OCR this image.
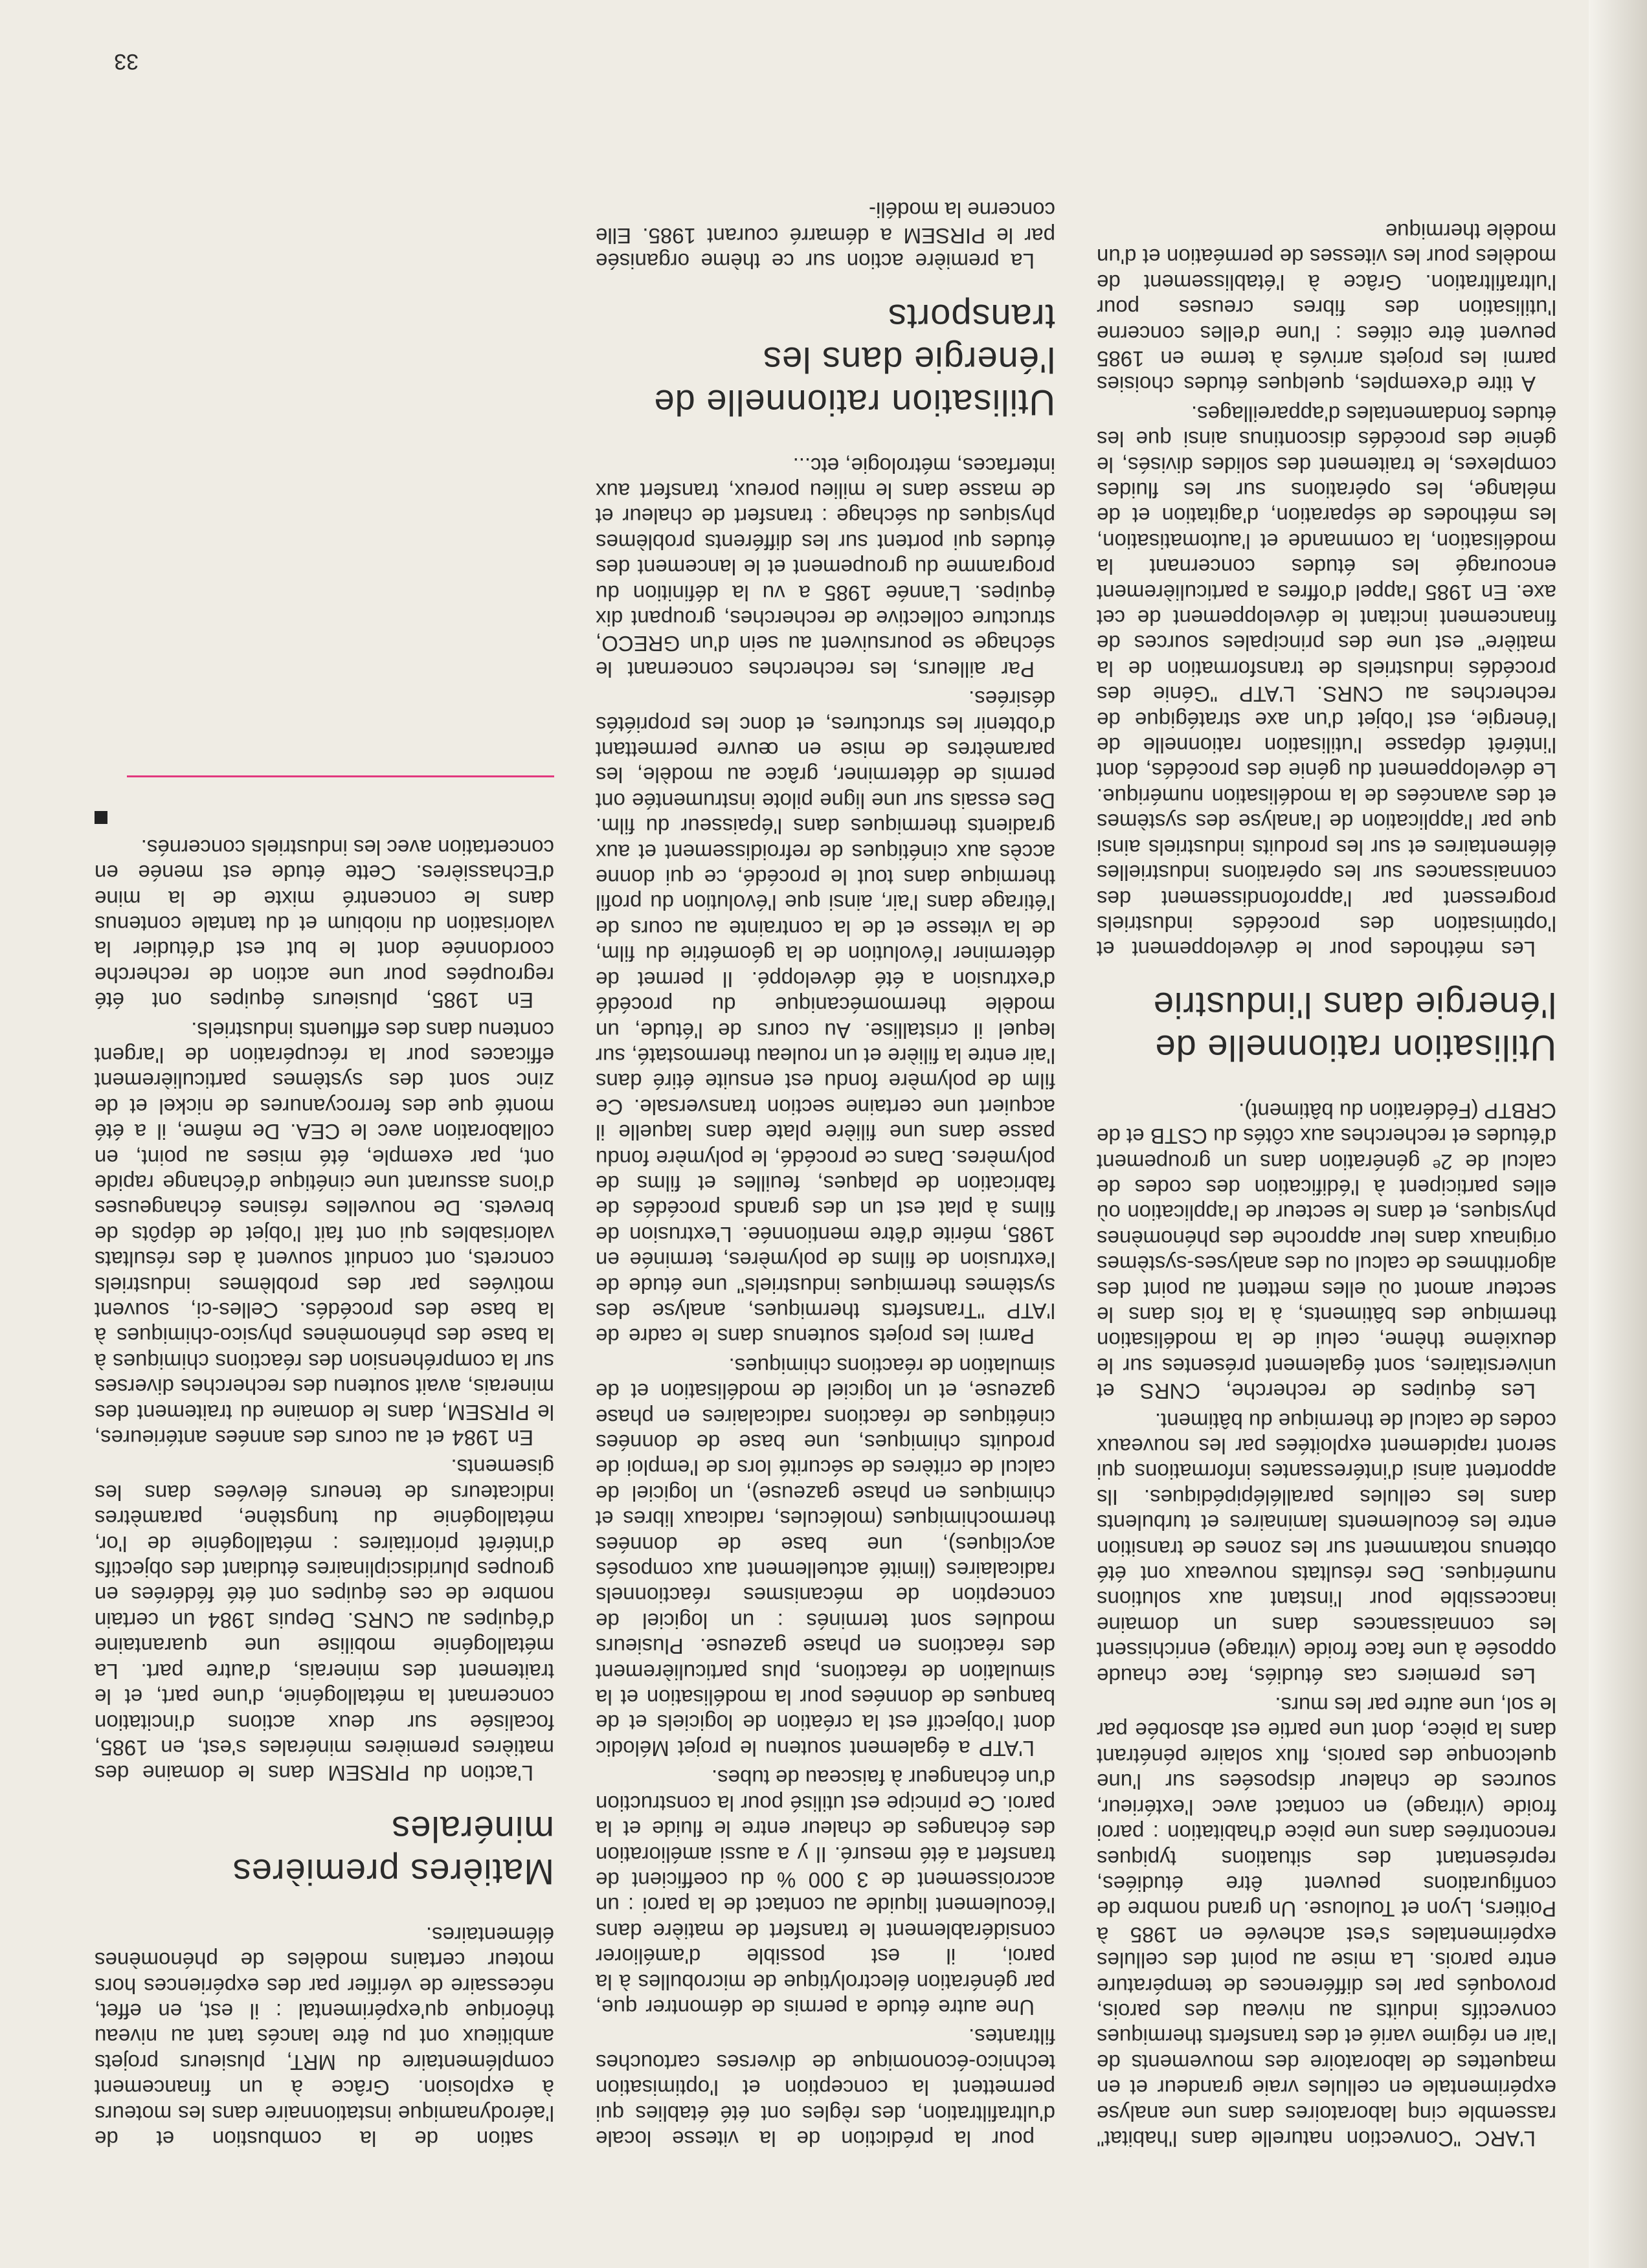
L'ARC "Convection naturelle dans l'habitat" rassemble cinq laboratoires dans une analyse expérimentale en cellules vraie grandeur et en maquettes de laboratoire des mouvements de l'air en régime varié et des transferts thermiques convectifs induits au niveau des parois, provoqués par les différences de température entre parois. La mise au point des cellules expérimentales s'est achevée en 1985 à Poitiers, Lyon et Toulouse. Un grand nombre de configurations peuvent être étudiées, représentant des situations typiques rencontrées dans une pièce d'habitation : paroi froide (vitrage) en contact avec l'extérieur, sources de chaleur disposées sur l'une quelconque des parois, flux solaire pénétrant dans la pièce, dont une partie est absorbée par le sol, une autre par les murs.

Les premiers cas étudiés, face chaude opposée à une face froide (vitrage) enrichissent les connaissances dans un domaine inaccessible pour l'instant aux solutions numériques. Des résultats nouveaux ont été obtenus notamment sur les zones de transition entre les écoulements laminaires et turbulents dans les cellules parallélépipédiques. Ils apportent ainsi d'intéressantes informations qui seront rapidement exploitées par les nouveaux codes de calcul de thermique du bâtiment.

Les équipes de recherche, CNRS et universitaires, sont également présentes sur le deuxième thème, celui de la modélisation thermique des bâtiments, à la fois dans le secteur amont où elles mettent au point des algorithmes de calcul ou des analyses-systèmes originaux dans leur approche des phénomènes physiques, et dans le secteur de l'application où elles participent à l'édification des codes de calcul de 2ᵉ génération dans un groupement d'études et recherches aux côtés du CSTB et de CRBTP (Fédération du bâtiment).

Utilisation rationnelle de l'énergie dans l'industrie

Les méthodes pour le développement et l'optimisation des procédés industriels progressent par l'approfondissement des connaissances sur les opérations industrielles élémentaires et sur les produits industriels ainsi que par l'application de l'analyse des systèmes et des avancées de la modélisation numérique. Le développement du génie des procédés, dont l'intérêt dépasse l'utilisation rationnelle de l'énergie, est l'objet d'un axe stratégique de recherches au CNRS. L'ATP "Génie des procédés industriels de transformation de la matière" est une des principales sources de financement incitant le développement de cet axe. En 1985 l'appel d'offres a particulièrement encouragé les études concernant la modélisation, la commande et l'automatisation, les méthodes de séparation, d'agitation et de mélange, les opérations sur les fluides complexes, le traitement des solides divisés, le génie des procédés discontinus ainsi que les études fondamentales d'appareillages.

A titre d'exemples, quelques études choisies parmi les projets arrivés à terme en 1985 peuvent être citées : l'une d'elles concerne l'utilisation des fibres creuses pour l'ultrafiltration. Grâce à l'établissement de modèles pour les vitesses de perméation et d'un modèle thermique

pour la prédiction de la vitesse locale d'ultrafiltration, des règles ont été établies qui permettent la conception et l'optimisation technico-économique de diverses cartouches filtrantes.

Une autre étude a permis de démontrer que, par génération électrolytique de microbulles à la paroi, il est possible d'améliorer considérablement le transfert de matière dans l'écoulement liquide au contact de la paroi : un accroissement de 3 000 % du coefficient de transfert a été mesuré. Il y a aussi amélioration des échanges de chaleur entre le fluide et la paroi. Ce principe est utilisé pour la construction d'un échangeur à faisceau de tubes.

L'ATP a également soutenu le projet Mélodic dont l'objectif est la création de logiciels et de banques de données pour la modélisation et la simulation de réactions, plus particulièrement des réactions en phase gazeuse. Plusieurs modules sont terminés : un logiciel de conception de mécanismes réactionnels radicalaires (limité actuellement aux composés acycliques), une base de données thermochimiques (molécules, radicaux libres et chimiques en phase gazeuse), un logiciel de calcul de critères de sécurité lors de l'emploi de produits chimiques, une base de données cinétiques de réactions radicalaires en phase gazeuse, et un logiciel de modélisation et de simulation de réactions chimiques.

Parmi les projets soutenus dans le cadre de l'ATP "Transferts thermiques, analyse des systèmes thermiques industriels" une étude de l'extrusion de films de polymères, terminée en 1985, mérite d'être mentionnée. L'extrusion de films à plat est un des grands procédés de fabrication de plaques, feuilles et films de polymères. Dans ce procédé, le polymère fondu passe dans une filière plate dans laquelle il acquiert une certaine section transversale. Ce film de polymère fondu est ensuite étiré dans l'air entre la filière et un rouleau thermostaté, sur lequel il cristallise. Au cours de l'étude, un modèle thermomécanique du procédé d'extrusion a été développé. Il permet de déterminer l'évolution de la géométrie du film, de la vitesse et de la contrainte au cours de l'étirage dans l'air, ainsi que l'évolution du profil thermique dans tout le procédé, ce qui donne accès aux cinétiques de refroidissement et aux gradients thermiques dans l'épaisseur du film. Des essais sur une ligne pilote instrumentée ont permis de déterminer, grâce au modèle, les paramètres de mise en œuvre permettant d'obtenir les structures, et donc les propriétés désirées.

Par ailleurs, les recherches concernant le séchage se poursuivent au sein d'un GRECO, structure collective de recherches, groupant dix équipes. L'année 1985 a vu la définition du programme du groupement et le lancement des études qui portent sur les différents problèmes physiques du séchage : transfert de chaleur et de masse dans le milieu poreux, transfert aux interfaces, métrologie, etc...

Utilisation rationnelle de l'énergie dans les transports

La première action sur ce thème organisée par le PIRSEM a démarré courant 1985. Elle concerne la modéli-

sation de la combustion et de l'aérodynamique instationnaire dans les moteurs à explosion. Grâce à un financement complémentaire du MRT, plusieurs projets ambitieux ont pu être lancés tant au niveau théorique qu'expérimental : il est, en effet, nécessaire de vérifier par des expériences hors moteur certains modèles de phénomènes élémentaires.

Matières premières minérales

L'action du PIRSEM dans le domaine des matières premières minérales s'est, en 1985, focalisée sur deux actions d'incitation concernant la métallogénie, d'une part, et le traitement des minerais, d'autre part. La métallogénie mobilise une quarantaine d'équipes au CNRS. Depuis 1984 un certain nombre de ces équipes ont été fédérées en groupes pluridisciplinaires étudiant des objectifs d'intérêt prioritaires : métallogénie de l'or, métallogénie du tungstène, paramètres indicateurs de teneurs élevées dans les gisements.

En 1984 et au cours des années antérieures, le PIRSEM, dans le domaine du traitement des minerais, avait soutenu des recherches diverses sur la compréhension des réactions chimiques à la base des phénomènes physico-chimiques à la base des procédés. Celles-ci, souvent motivées par des problèmes industriels concrets, ont conduit souvent à des résultats valorisables qui ont fait l'objet de dépôts de brevets. De nouvelles résines échangeuses d'ions assurant une cinétique d'échange rapide ont, par exemple, été mises au point, en collaboration avec le CEA. De même, il a été monté que des ferrocyanures de nickel et de zinc sont des systèmes particulièrement efficaces pour la récupération de l'argent contenu dans des effluents industriels.

En 1985, plusieurs équipes ont été regroupées pour une action de recherche coordonnée dont le but est d'étudier la valorisation du niobium et du tantale contenus dans le concentré mixte de la mine d'Echassières. Cette étude est menée en concertation avec les industriels concernés.

33
